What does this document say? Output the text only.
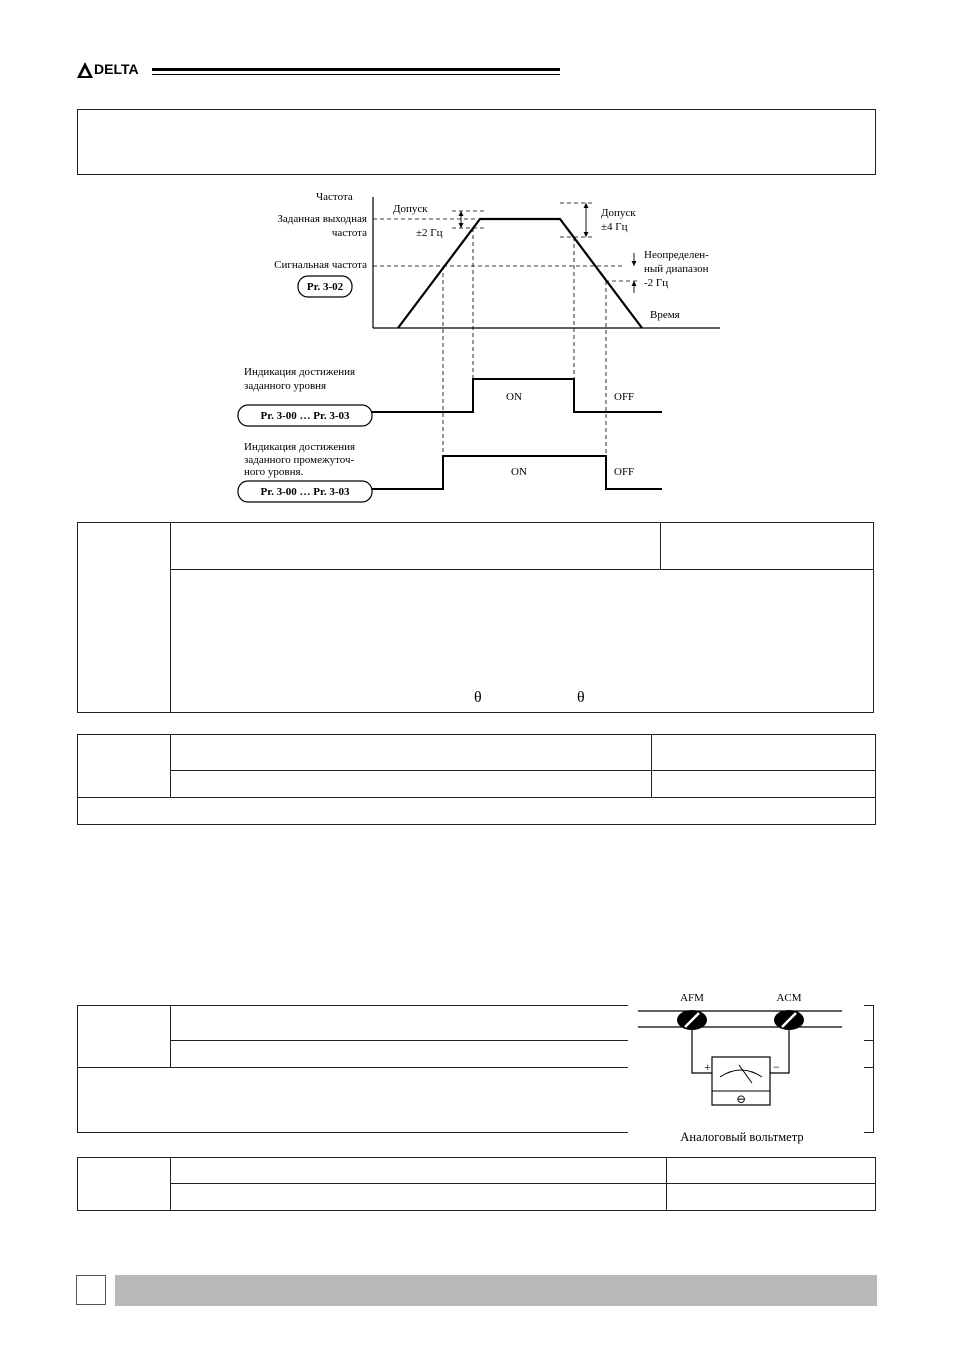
DELTA
Частота
Допуск
±2 Гц
Заданная выходная
частота
Сигнальная частота
Pr. 3-02
Допуск
±4 Гц
Неопределен-
ный диапазон
-2 Гц
Время
Индикация достижения
заданного уровня
Pr. 3-00 … Pr. 3-03
ON	OFF
Индикация достижения
заданного промежуточ-
ного уровня.
Pr. 3-00 … Pr. 3-03
ON	OFF
θ	θ
AFM	ACM
⊖
+	−
Аналоговый вольтметр
